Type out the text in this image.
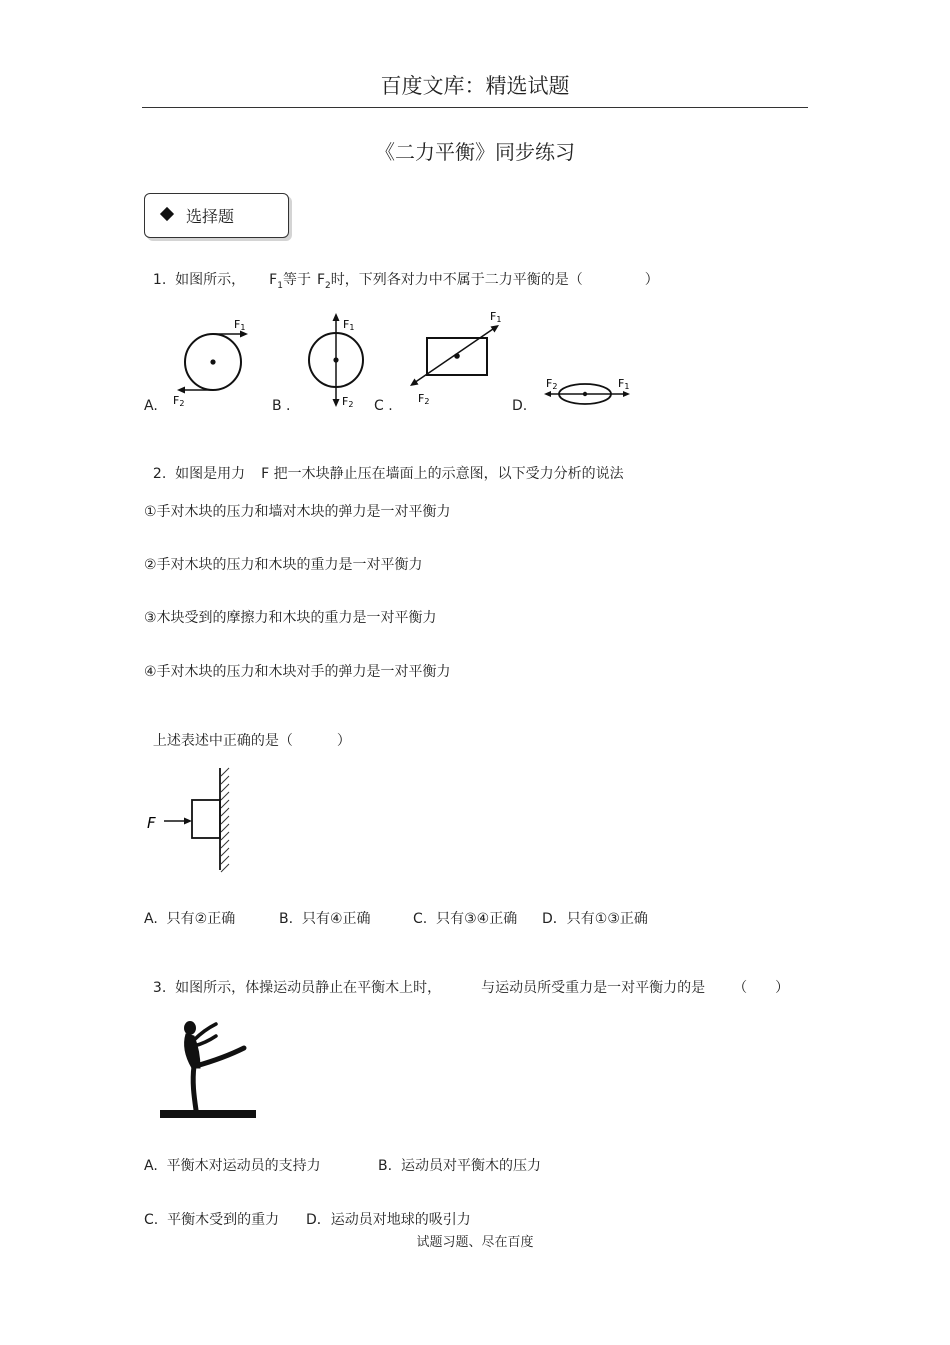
百度文库：精选试题
《二力平衡》同步练习
选择题

1.  如图所示， $F_1$等于 $F_2$时，下列各对力中不属于二力平衡的是（	）

F1
F2
F1
F2
F1
F2
F1
F2
A.	B .	C .	D.

2.  如图是用力 F 把一木块静止压在墙面上的示意图，以下受力分析的说法

①手对木块的压力和墙对木块的弹力是一对平衡力
②手对木块的压力和木块的重力是一对平衡力
③木块受到的摩擦力和木块的重力是一对平衡力
④手对木块的压力和木块对手的弹力是一对平衡力

上述表述中正确的是（	）

F
A.  只有②正确	B.  只有④正确	C.  只有③④正确 D．只有①③正确

3.  如图所示，体操运动员静止在平衡木上时，	与运动员所受重力是一对平衡力的是 （　　）

A.  平衡木对运动员的支持力	B.  运动员对平衡木的压力
C.  平衡木受到的重力 D．运动员对地球的吸引力
试题习题、尽在百度
